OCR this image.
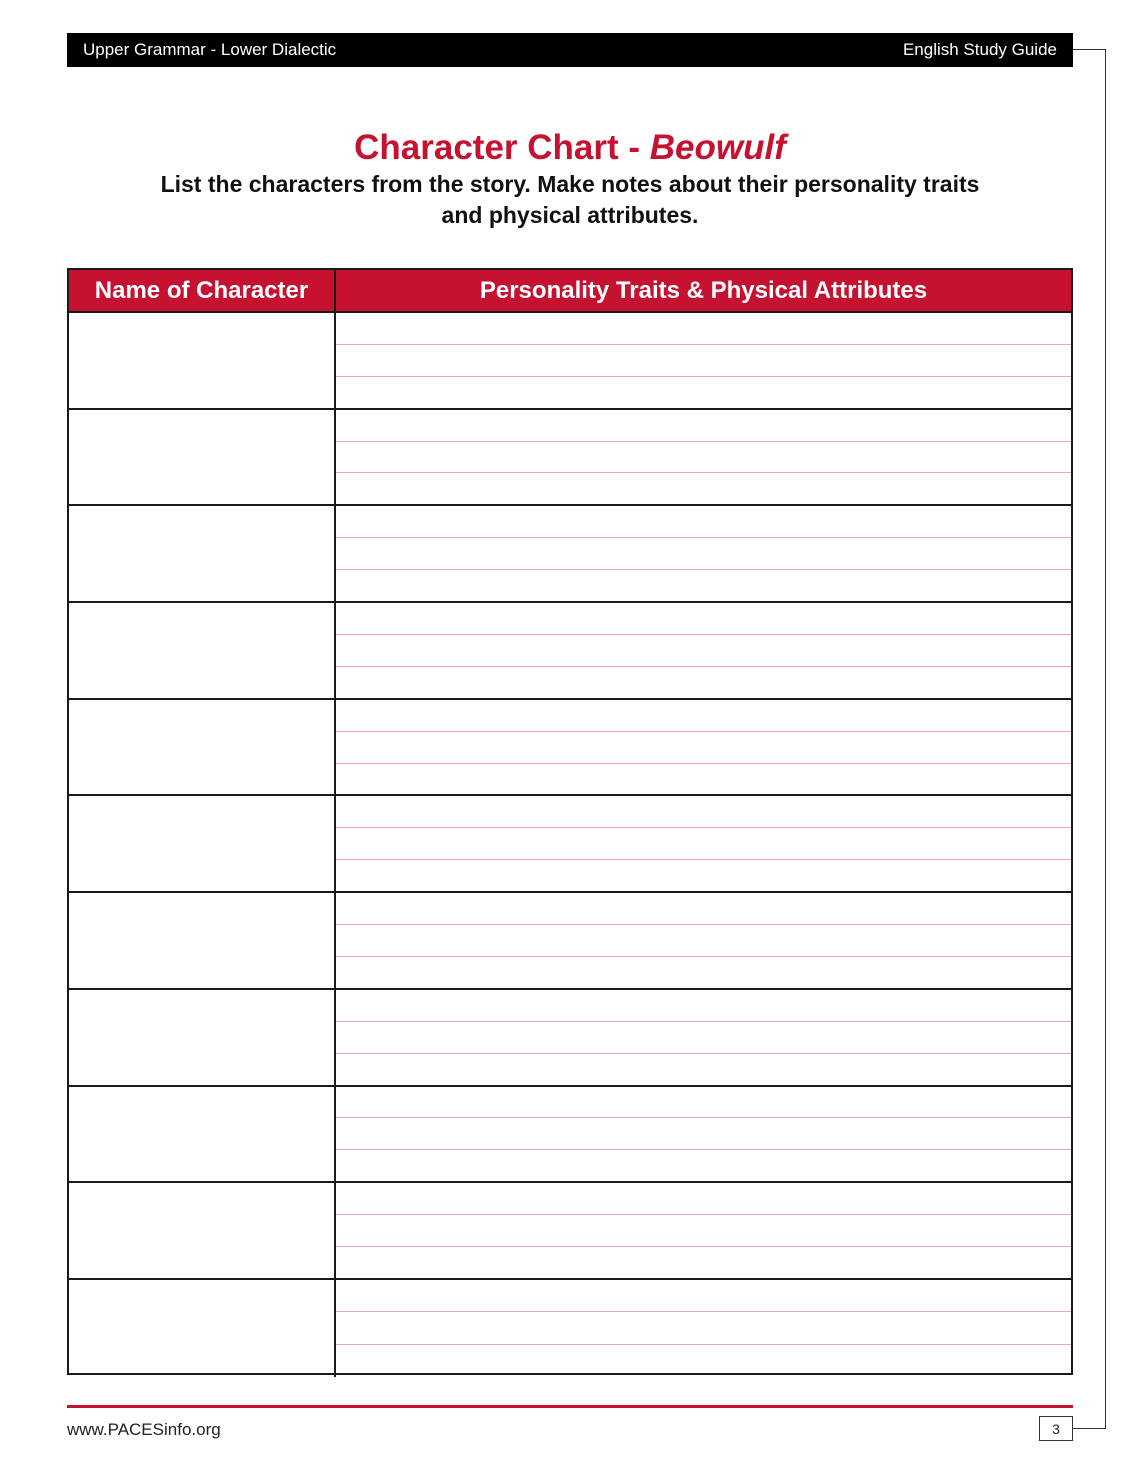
Upper Grammar - Lower Dialectic	English Study Guide
Character Chart - Beowulf

List the characters from the story. Make notes about their personality traits and physical attributes.

Name of Character	Personality Traits & Physical Attributes
www.PACESinfo.org	3
